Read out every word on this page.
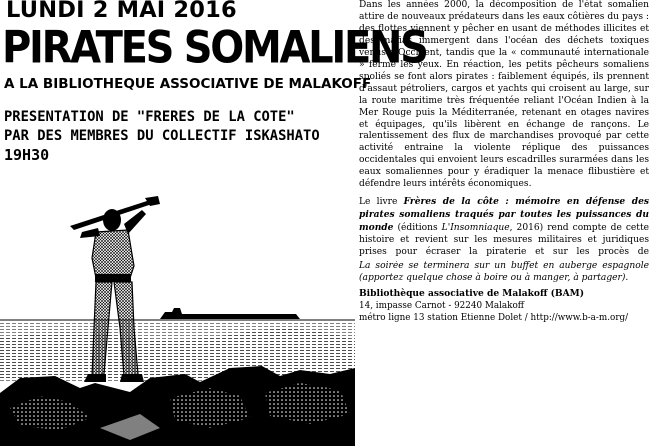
LUNDI 2 MAI 2016
PIRATES SOMALIENS
A LA BIBLIOTHEQUE ASSOCIATIVE DE MALAKOFF
PRESENTATION DE "FRERES DE LA COTE"
PAR DES MEMBRES DU COLLECTIF ISKASHATO
19H30

Dans les années 2000, la décomposition de l'état somalien attire de nouveaux prédateurs dans les eaux côtières du pays : des flottes viennent y pêcher en usant de méthodes illicites et des mafias immergent dans l'océan des déchets toxiques venus d'Occident, tandis que la « communauté internationale » ferme les yeux. En réaction, les petits pêcheurs somaliens spoliés se font alors pirates : faiblement équipés, ils prennent d'assaut pétroliers, cargos et yachts qui croisent au large, sur la route maritime très fréquentée reliant l'Océan Indien à la Mer Rouge puis la Méditerranée, retenant en otages navires et équipages, qu'ils libèrent en échange de rançons. Le ralentissement des flux de marchandises provoqué par cette activité entraine la violente réplique des puissances occidentales qui envoient leurs escadrilles surarmées dans les eaux somaliennes pour y éradiquer la menace flibustière et défendre leurs intérêts économiques.

Le livre Frères de la côte : mémoire en défense des pirates somaliens traqués par toutes les puissances du monde (éditions L'Insomniaque, 2016) rend compte de cette histoire et revient sur les mesures militaires et juridiques prises pour écraser la piraterie et sur les procès de

La soirée se terminera sur un buffet en auberge espagnole (apportez quelque chose à boire ou à manger, à partager).

Bibliothèque associative de Malakoff (BAM)

14, impasse Carnot - 92240 Malakoff

métro ligne 13 station Etienne Dolet / http://www.b-a-m.org/
